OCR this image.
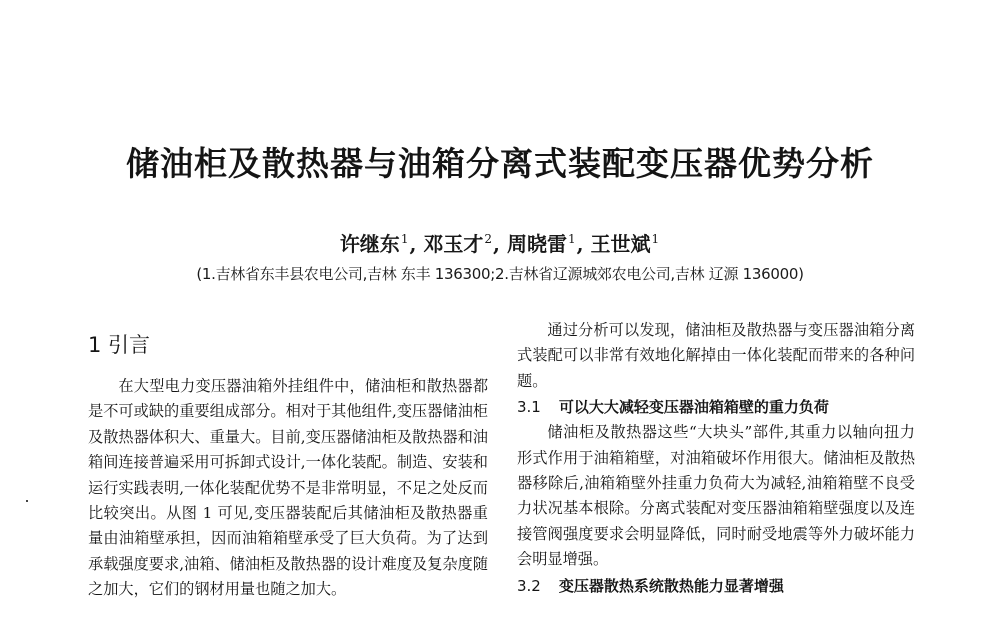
储油柜及散热器与油箱分离式装配变压器优势分析
许继东$^1$, 邓玉才$^2$, 周晓雷$^1$, 王世斌$^1$
(1.吉林省东丰县农电公司,吉林 东丰 136300;2.吉林省辽源城郊农电公司,吉林 辽源 136000)
1 引言

在大型电力变压器油箱外挂组件中，储油柜和散热器都是不可或缺的重要组成部分。相对于其他组件,变压器储油柜及散热器体积大、重量大。目前,变压器储油柜及散热器和油箱间连接普遍采用可拆卸式设计,一体化装配。制造、安装和运行实践表明,一体化装配优势不是非常明显，不足之处反而比较突出。从图 1 可见,变压器装配后其储油柜及散热器重量由油箱壁承担，因而油箱箱壁承受了巨大负荷。为了达到承载强度要求,油箱、储油柜及散热器的设计难度及复杂度随之加大，它们的钢材用量也随之加大。

通过分析可以发现，储油柜及散热器与变压器油箱分离式装配可以非常有效地化解掉由一体化装配而带来的各种问题。

3.1 可以大大减轻变压器油箱箱壁的重力负荷

储油柜及散热器这些“大块头”部件,其重力以轴向扭力形式作用于油箱箱壁，对油箱破坏作用很大。储油柜及散热器移除后,油箱箱壁外挂重力负荷大为减轻,油箱箱壁不良受力状况基本根除。分离式装配对变压器油箱箱壁强度以及连接管阀强度要求会明显降低，同时耐受地震等外力破坏能力会明显增强。

3.2 变压器散热系统散热能力显著增强
